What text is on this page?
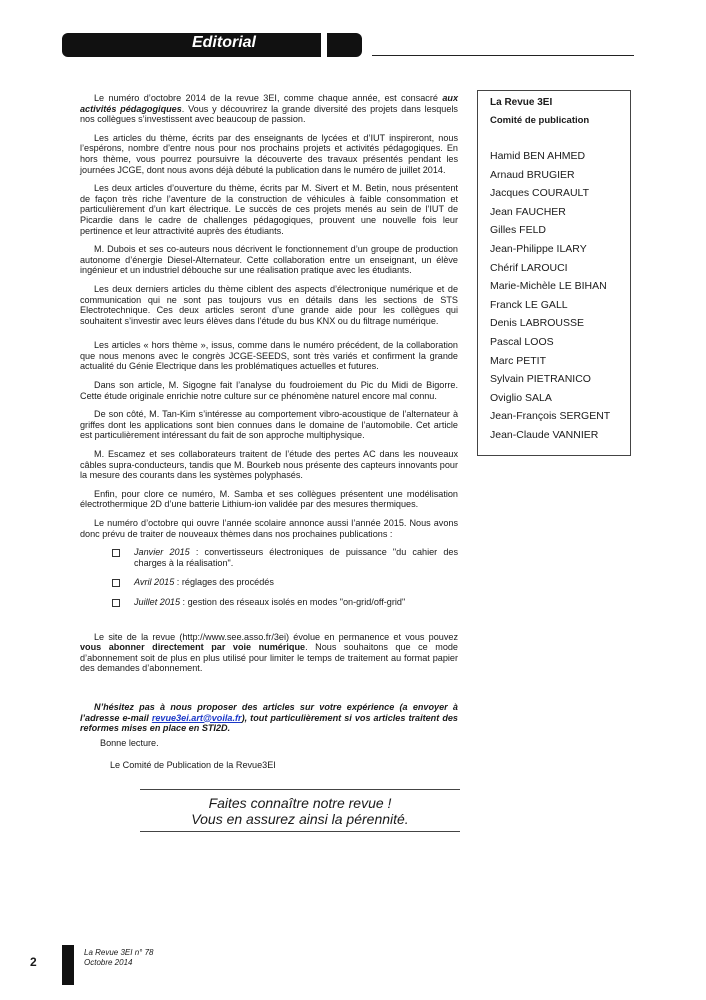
Editorial

Le numéro d’octobre 2014 de la revue 3EI, comme chaque année, est consacré aux activités pédagogiques. Vous y découvrirez la grande diversité des projets dans lesquels nos collègues s’investissent avec beaucoup de passion.

Les articles du thème, écrits par des enseignants de lycées et d’IUT inspireront, nous l’espérons, nombre d’entre nous pour nos prochains projets et activités pédagogiques. En hors thème, vous pourrez poursuivre la découverte des travaux présentés pendant les journées JCGE, dont nous avons déjà débuté la publication dans le numéro de juillet 2014.

Les deux articles d’ouverture du thème, écrits par M. Sivert et M. Betin, nous présentent de façon très riche l’aventure de la construction de véhicules à faible consommation et particulièrement d’un kart électrique. Le succès de ces projets menés au sein de l’IUT de Picardie dans le cadre de challenges pédagogiques, prouvent une nouvelle fois leur pertinence et leur attractivité auprès des étudiants.

M. Dubois et ses co-auteurs nous décrivent le fonctionnement d’un groupe de production autonome d’énergie Diesel-Alternateur. Cette collaboration entre un enseignant, un élève ingénieur et un industriel débouche sur une réalisation pratique avec les étudiants.

Les deux derniers articles du thème ciblent des aspects d’électronique numérique et de communication qui ne sont pas toujours vus en détails dans les sections de STS Electrotechnique. Ces deux articles seront d’une grande aide pour les collègues qui souhaitent s’investir avec leurs élèves dans l’étude du bus KNX ou du filtrage numérique.

Les articles « hors thème », issus, comme dans le numéro précédent, de la collaboration que nous menons avec le congrès JCGE-SEEDS, sont très variés et confirment la grande actualité du Génie Electrique dans les problématiques actuelles et futures.

Dans son article, M. Sigogne fait l’analyse du foudroiement du Pic du Midi de Bigorre. Cette étude originale enrichie notre culture sur ce phénomène naturel encore mal connu.

De son côté, M. Tan-Kim s’intéresse au comportement vibro-acoustique de l’alternateur à griffes dont les applications sont bien connues dans le domaine de l’automobile. Cet article est particulièrement intéressant du fait de son approche multiphysique.

M. Escamez et ses collaborateurs traitent de l’étude des pertes AC dans les nouveaux câbles supra-conducteurs, tandis que M. Bourkeb nous présente des capteurs innovants pour la mesure des courants dans les systèmes polyphasés.

Enfin, pour clore ce numéro, M. Samba et ses collègues présentent une modélisation électrothermique 2D d’une batterie Lithium-ion validée par des mesures thermiques.

Le numéro d’octobre qui ouvre l’année scolaire annonce aussi l’année 2015. Nous avons donc prévu de traiter de nouveaux thèmes dans nos prochaines publications :

Janvier 2015 : convertisseurs électroniques de puissance "du cahier des charges à la réalisation".
Avril 2015 : réglages des procédés
Juillet 2015 : gestion des réseaux isolés en modes "on-grid/off-grid"

Le site de la revue (http://www.see.asso.fr/3ei) évolue en permanence et vous pouvez vous abonner directement par voie numérique. Nous souhaitons que ce mode d’abonnement soit de plus en plus utilisé pour limiter le temps de traitement au format papier des demandes d’abonnement.

N’hésitez pas à nous proposer des articles sur votre expérience (a envoyer à l’adresse e-mail revue3ei.art@voila.fr), tout particulièrement si vos articles traitent des reformes mises en place en STI2D.

Bonne lecture.
Le Comité de Publication de la Revue3EI
La Revue 3EI
Comité de publication
Hamid BEN AHMED
Arnaud BRUGIER
Jacques COURAULT
Jean FAUCHER
Gilles FELD
Jean-Philippe ILARY
Chérif LAROUCI
Marie-Michèle LE BIHAN
Franck LE GALL
Denis LABROUSSE
Pascal LOOS
Marc PETIT
Sylvain PIETRANICO
Oviglio SALA
Jean-François SERGENT
Jean-Claude VANNIER
Faites connaître notre revue !
Vous en assurez ainsi la pérennité.
2
La Revue 3EI n° 78
Octobre 2014
